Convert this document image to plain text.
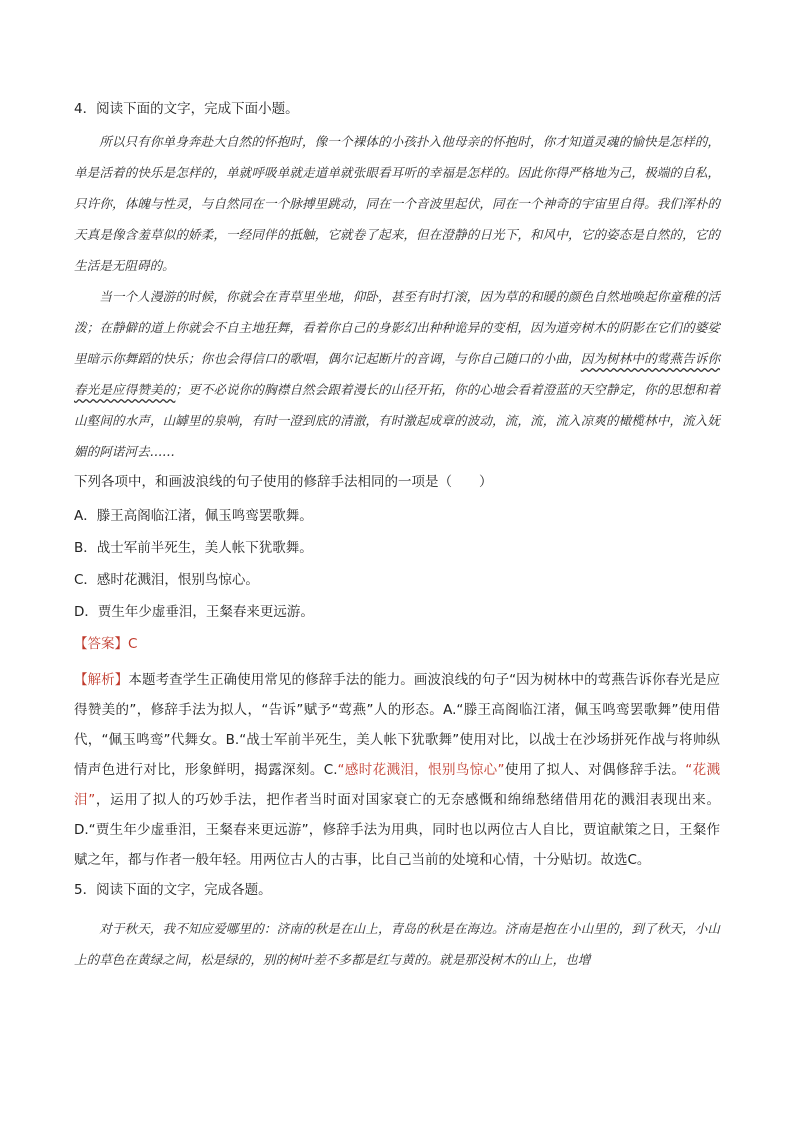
4．阅读下面的文字，完成下面小题。

所以只有你单身奔赴大自然的怀抱时，像一个裸体的小孩扑入他母亲的怀抱时，你才知道灵魂的愉快是怎样的，单是活着的快乐是怎样的，单就呼吸单就走道单就张眼看耳听的幸福是怎样的。因此你得严格地为己，极端的自私，只许你，体魄与性灵，与自然同在一个脉搏里跳动，同在一个音波里起伏，同在一个神奇的宇宙里自得。我们浑朴的天真是像含羞草似的娇柔，一经同伴的抵触，它就卷了起来，但在澄静的日光下，和风中，它的姿态是自然的，它的生活是无阻碍的。

当一个人漫游的时候，你就会在青草里坐地，仰卧，甚至有时打滚，因为草的和暖的颜色自然地唤起你童稚的活泼；在静僻的道上你就会不自主地狂舞，看着你自己的身影幻出种种诡异的变相，因为道旁树木的阴影在它们的婆娑里暗示你舞蹈的快乐；你也会得信口的歌唱，偶尔记起断片的音调，与你自己随口的小曲，因为树林中的莺燕告诉你春光是应得赞美的；更不必说你的胸襟自然会跟着漫长的山径开拓，你的心地会看着澄蓝的天空静定，你的思想和着山壑间的水声，山罅里的泉响，有时一澄到底的清澈，有时激起成章的波动，流，流，流入凉爽的橄榄林中，流入妩媚的阿诺河去……

下列各项中，和画波浪线的句子使用的修辞手法相同的一项是（　　）

A．滕王高阁临江渚，佩玉鸣鸾罢歌舞。

B．战士军前半死生，美人帐下犹歌舞。

C．感时花溅泪，恨别鸟惊心。

D．贾生年少虚垂泪，王粲春来更远游。

【答案】C

【解析】本题考查学生正确使用常见的修辞手法的能力。画波浪线的句子“因为树林中的莺燕告诉你春光是应得赞美的”，修辞手法为拟人，“告诉”赋予“莺燕”人的形态。A.“滕王高阁临江渚，佩玉鸣鸾罢歌舞”使用借代，“佩玉鸣鸾”代舞女。B.“战士军前半死生，美人帐下犹歌舞”使用对比，以战士在沙场拼死作战与将帅纵情声色进行对比，形象鲜明，揭露深刻。C.“感时花溅泪，恨别鸟惊心”使用了拟人、对偶修辞手法。“花溅泪”，运用了拟人的巧妙手法，把作者当时面对国家衰亡的无奈感慨和绵绵愁绪借用花的溅泪表现出来。D.“贾生年少虚垂泪，王粲春来更远游”，修辞手法为用典，同时也以两位古人自比，贾谊献策之日，王粲作赋之年，都与作者一般年轻。用两位古人的古事，比自己当前的处境和心情，十分贴切。故选C。

5．阅读下面的文字，完成各题。

对于秋天，我不知应爱哪里的：济南的秋是在山上，青岛的秋是在海边。济南是抱在小山里的，到了秋天，小山上的草色在黄绿之间，松是绿的，别的树叶差不多都是红与黄的。就是那没树木的山上，也增
